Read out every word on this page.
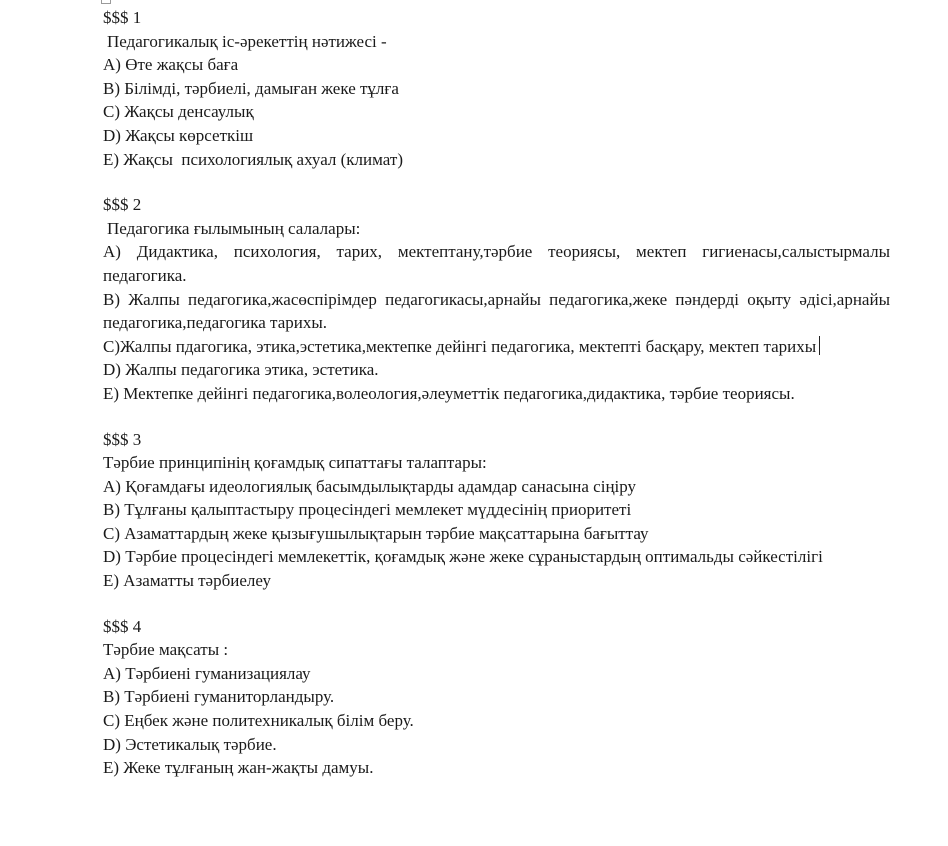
$$$ 1
Педагогикалық іс-әрекеттің нәтижесі -
A) Өте жақсы баға
B) Білімді, тәрбиелі, дамыған жеке тұлға
C) Жақсы денсаулық
D) Жақсы көрсеткіш
E) Жақсы  психологиялық ахуал (климат)
$$$ 2
Педагогика ғылымының салалары:
A) Дидактика, психология, тарих, мектептану,тәрбие теориясы, мектеп гигиенасы,салыстырмалы педагогика.
B) Жалпы педагогика,жасөспірімдер педагогикасы,арнайы педагогика,жеке пәндерді оқыту әдісі,арнайы педагогика,педагогика тарихы.
C)Жалпы пдагогика, этика,эстетика,мектепке дейінгі педагогика, мектепті басқару, мектеп тарихы
D) Жалпы педагогика этика, эстетика.
E) Мектепке дейінгі педагогика,волеология,әлеуметтік педагогика,дидактика, тәрбие теориясы.
$$$ 3
Тәрбие принципінің қоғамдық сипаттағы талаптары:
A) Қоғамдағы идеологиялық басымдылықтарды адамдар санасына сіңіру
B) Тұлғаны қалыптастыру процесіндегі мемлекет мүддесінің приоритеті
C) Азаматтардың жеке қызығушылықтарын тәрбие мақсаттарына бағыттау
D) Тәрбие процесіндегі мемлекеттік, қоғамдық және жеке сұраныстардың оптимальды сәйкестілігі
E) Азаматты тәрбиелеу
$$$ 4
Тәрбие мақсаты :
A) Тәрбиені гуманизациялау
B) Тәрбиені гуманиторландыру.
C) Еңбек және политехникалық білім беру.
D) Эстетикалық тәрбие.
E) Жеке тұлғаның жан-жақты дамуы.
